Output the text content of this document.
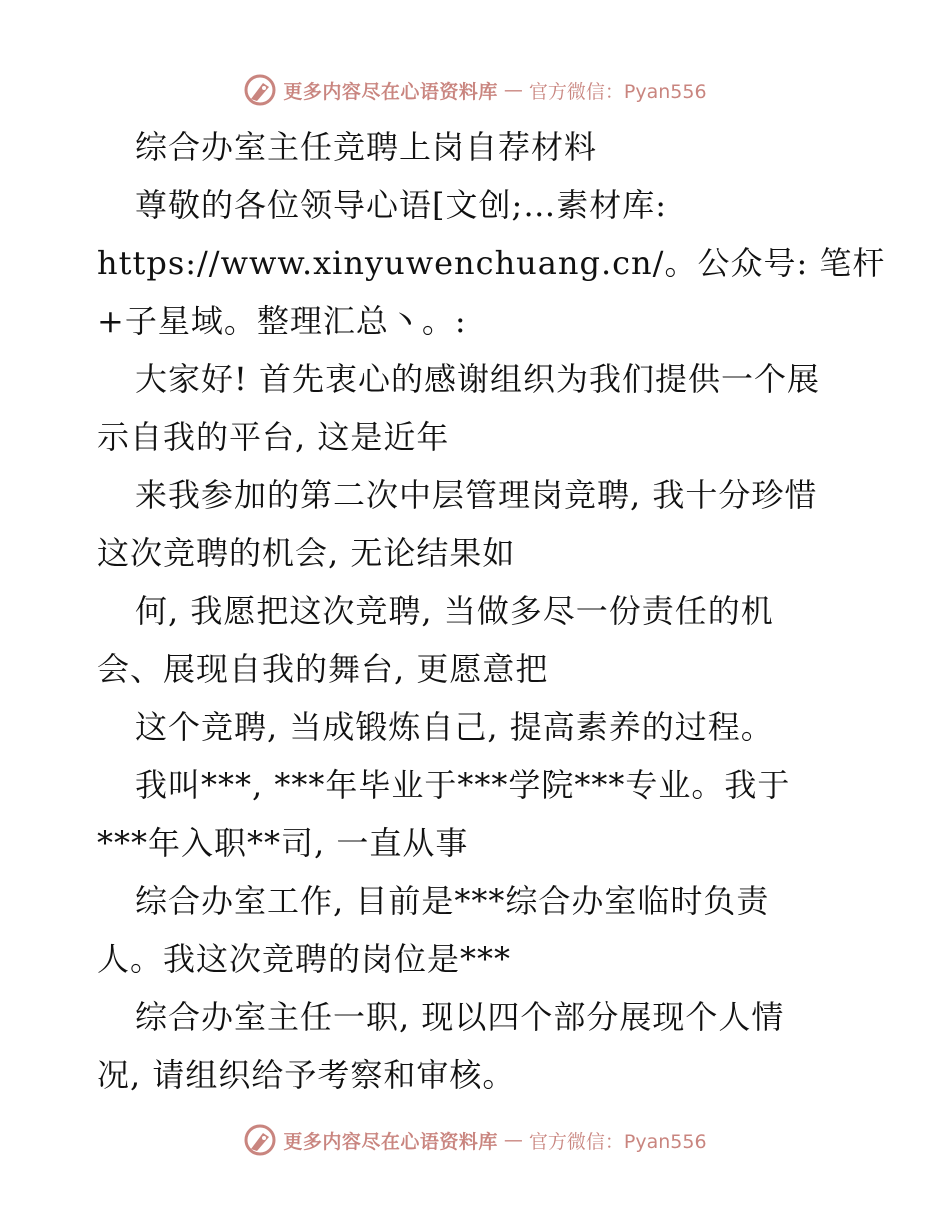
更多内容尽在心语资料库 — 官方微信：Pyan556
综合办室主任竞聘上岗自荐材料
尊敬的各位领导心语[文创;…素材库:
https://www.xinyuwenchuang.cn/。公众号: 笔杆
+子星域。整理汇总丶。:
大家好! 首先衷心的感谢组织为我们提供一个展
示自我的平台, 这是近年
来我参加的第二次中层管理岗竞聘, 我十分珍惜
这次竞聘的机会, 无论结果如
何, 我愿把这次竞聘, 当做多尽一份责任的机
会、展现自我的舞台, 更愿意把
这个竞聘, 当成锻炼自己, 提高素养的过程。
我叫***, ***年毕业于***学院***专业。我于
***年入职**司, 一直从事
综合办室工作, 目前是***综合办室临时负责
人。我这次竞聘的岗位是***
综合办室主任一职, 现以四个部分展现个人情
况, 请组织给予考察和审核。
更多内容尽在心语资料库 — 官方微信：Pyan556
